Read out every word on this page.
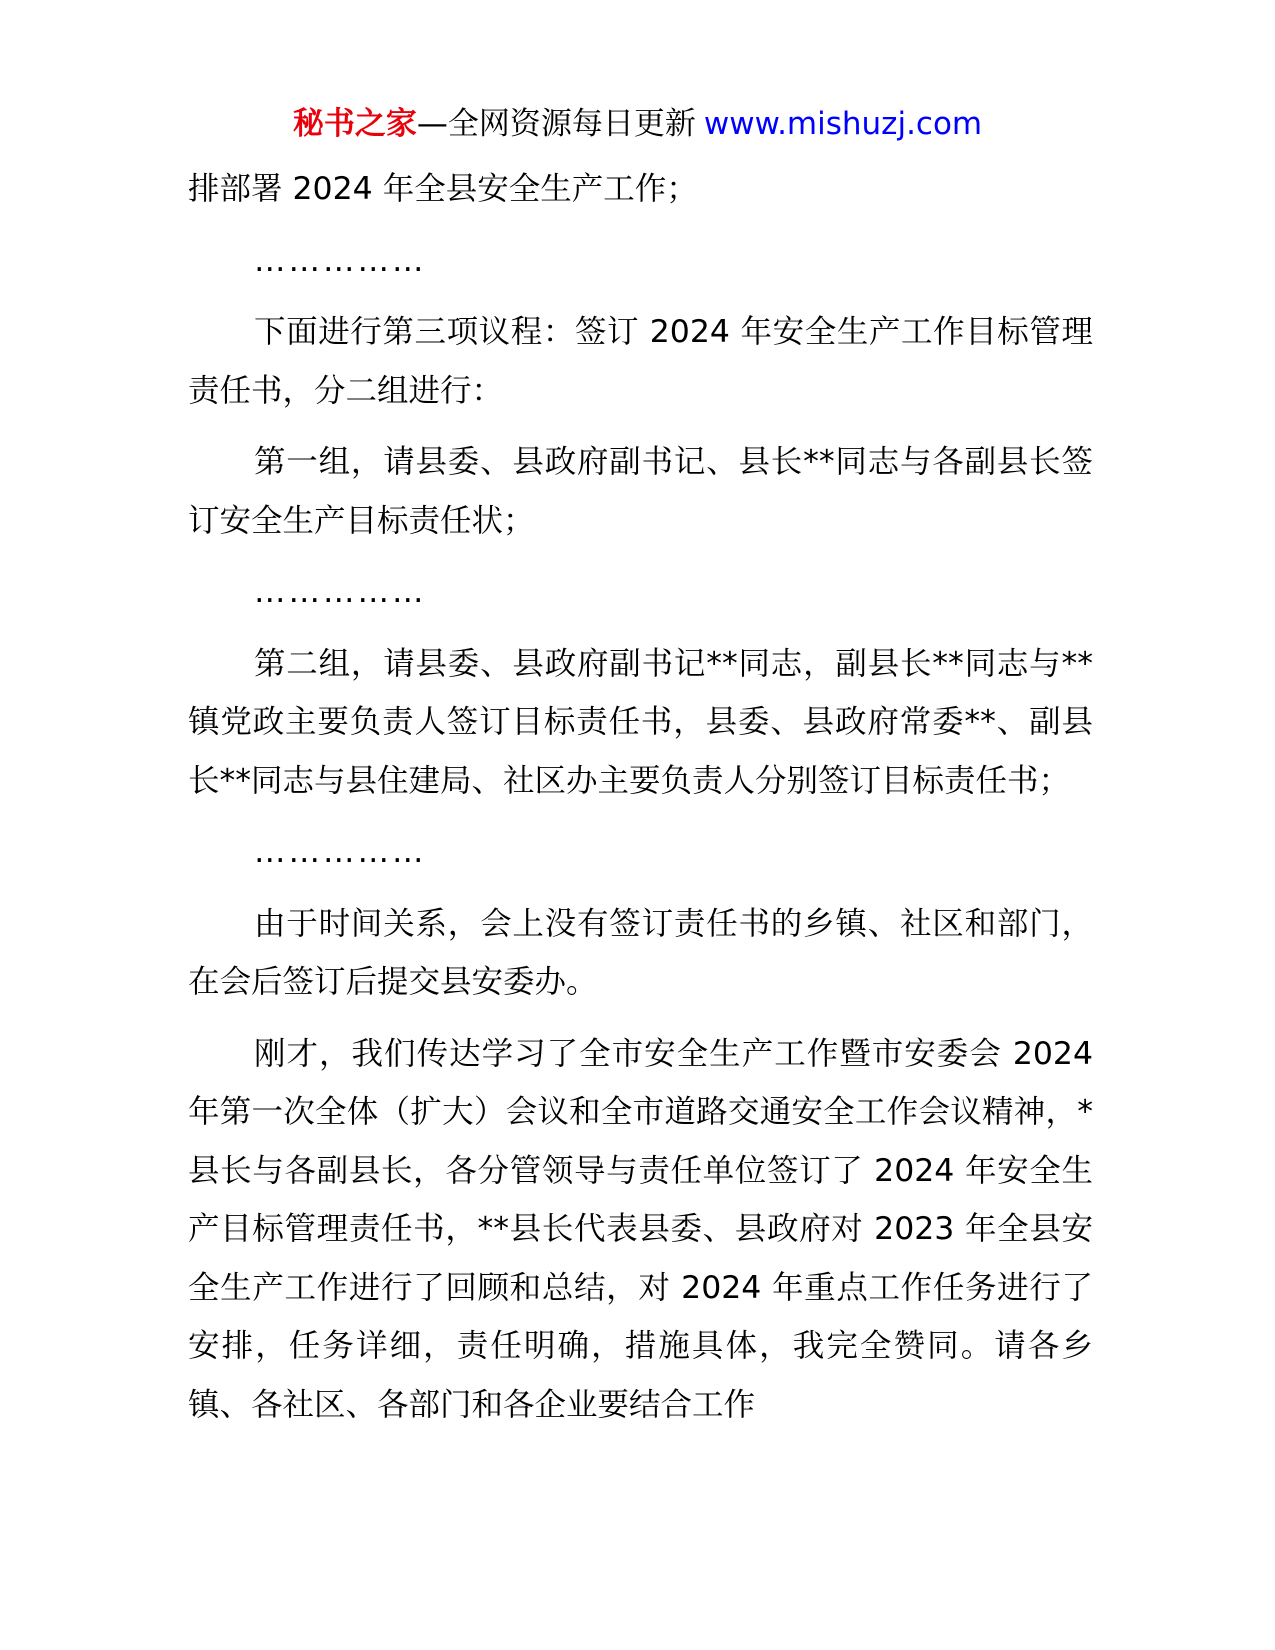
秘书之家—全网资源每日更新 www.mishuzj.com

排部署 2024 年全县安全生产工作；

……………

下面进行第三项议程：签订 2024 年安全生产工作目标管理责任书，分二组进行：

第一组，请县委、县政府副书记、县长**同志与各副县长签订安全生产目标责任状；

……………

第二组，请县委、县政府副书记**同志，副县长**同志与**镇党政主要负责人签订目标责任书，县委、县政府常委**、副县长**同志与县住建局、社区办主要负责人分别签订目标责任书；

……………

由于时间关系，会上没有签订责任书的乡镇、社区和部门，在会后签订后提交县安委办。

刚才，我们传达学习了全市安全生产工作暨市安委会 2024 年第一次全体（扩大）会议和全市道路交通安全工作会议精神，*县长与各副县长，各分管领导与责任单位签订了 2024 年安全生产目标管理责任书，**县长代表县委、县政府对 2023 年全县安全生产工作进行了回顾和总结，对 2024 年重点工作任务进行了安排，任务详细，责任明确，措施具体，我完全赞同。请各乡镇、各社区、各部门和各企业要结合工作
